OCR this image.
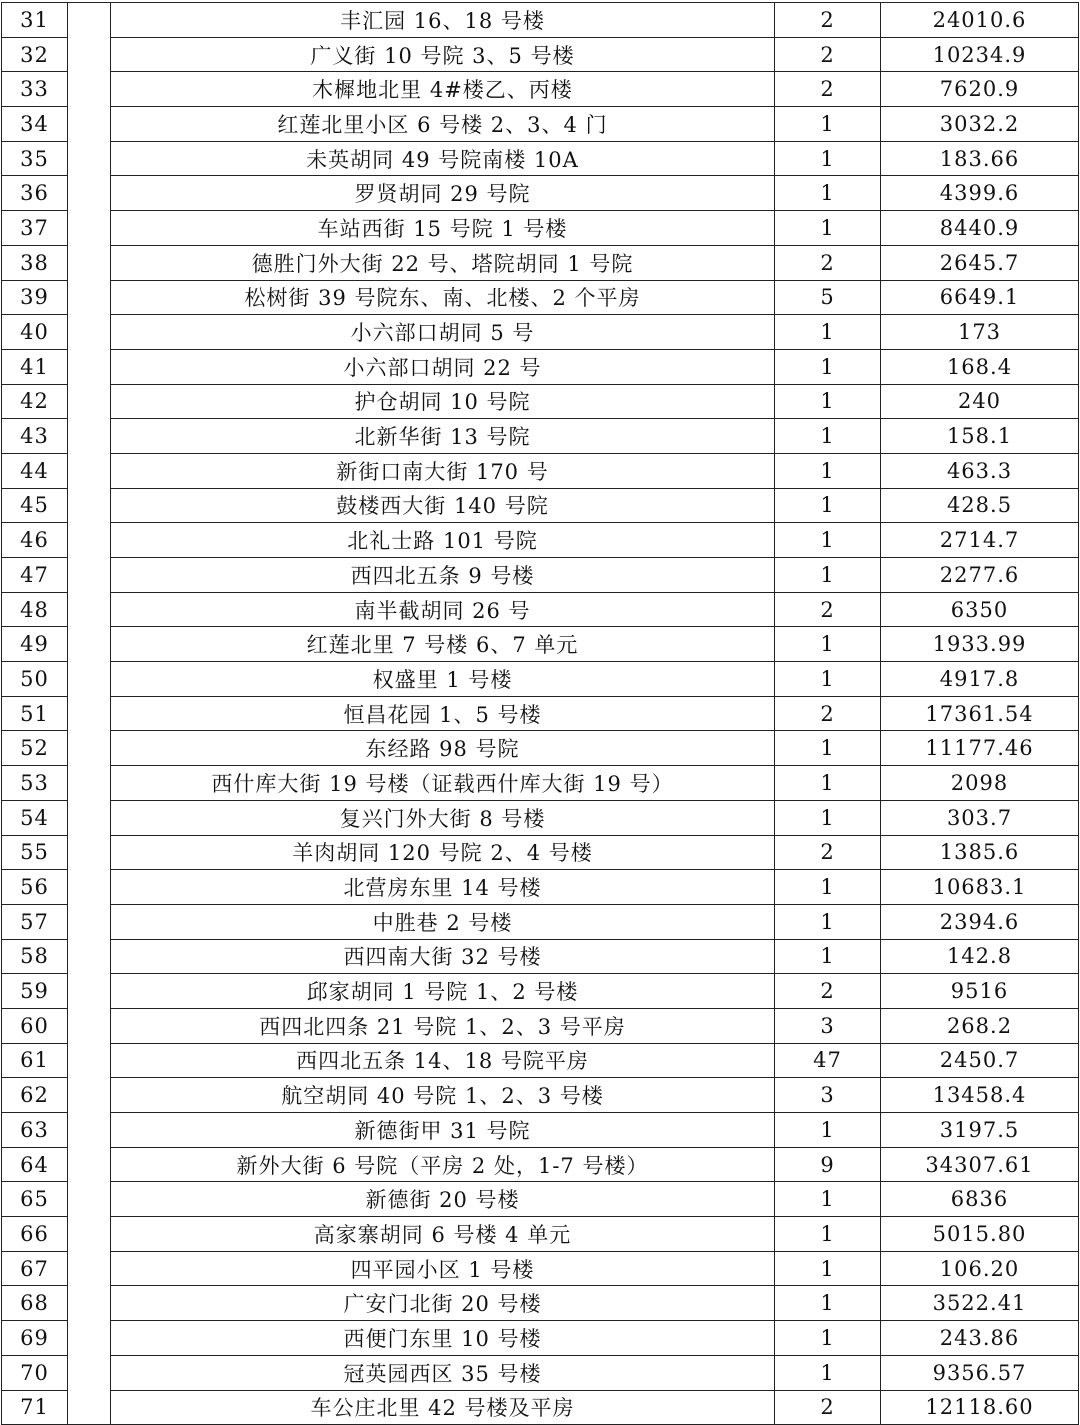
31		丰汇园 16、18 号楼	2	24010.6
32		广义街 10 号院 3、5 号楼	2	10234.9
33		木樨地北里 4#楼乙、丙楼	2	7620.9
34		红莲北里小区 6 号楼 2、3、4 门	1	3032.2
35		未英胡同 49 号院南楼 10A	1	183.66
36		罗贤胡同 29 号院	1	4399.6
37		车站西街 15 号院 1 号楼	1	8440.9
38		德胜门外大街 22 号、塔院胡同 1 号院	2	2645.7
39		松树街 39 号院东、南、北楼、2 个平房	5	6649.1
40		小六部口胡同 5 号	1	173
41		小六部口胡同 22 号	1	168.4
42		护仓胡同 10 号院	1	240
43		北新华街 13 号院	1	158.1
44		新街口南大街 170 号	1	463.3
45		鼓楼西大街 140 号院	1	428.5
46		北礼士路 101 号院	1	2714.7
47		西四北五条 9 号楼	1	2277.6
48		南半截胡同 26 号	2	6350
49		红莲北里 7 号楼 6、7 单元	1	1933.99
50		权盛里 1 号楼	1	4917.8
51		恒昌花园 1、5 号楼	2	17361.54
52		东经路 98 号院	1	11177.46
53		西什库大街 19 号楼（证载西什库大街 19 号）	1	2098
54		复兴门外大街 8 号楼	1	303.7
55		羊肉胡同 120 号院 2、4 号楼	2	1385.6
56		北营房东里 14 号楼	1	10683.1
57		中胜巷 2 号楼	1	2394.6
58		西四南大街 32 号楼	1	142.8
59		邱家胡同 1 号院 1、2 号楼	2	9516
60		西四北四条 21 号院 1、2、3 号平房	3	268.2
61		西四北五条 14、18 号院平房	47	2450.7
62		航空胡同 40 号院 1、2、3 号楼	3	13458.4
63		新德街甲 31 号院	1	3197.5
64		新外大街 6 号院（平房 2 处，1-7 号楼）	9	34307.61
65		新德街 20 号楼	1	6836
66		高家寨胡同 6 号楼 4 单元	1	5015.80
67		四平园小区 1 号楼	1	106.20
68		广安门北街 20 号楼	1	3522.41
69		西便门东里 10 号楼	1	243.86
70		冠英园西区 35 号楼	1	9356.57
71		车公庄北里 42 号楼及平房	2	12118.60
